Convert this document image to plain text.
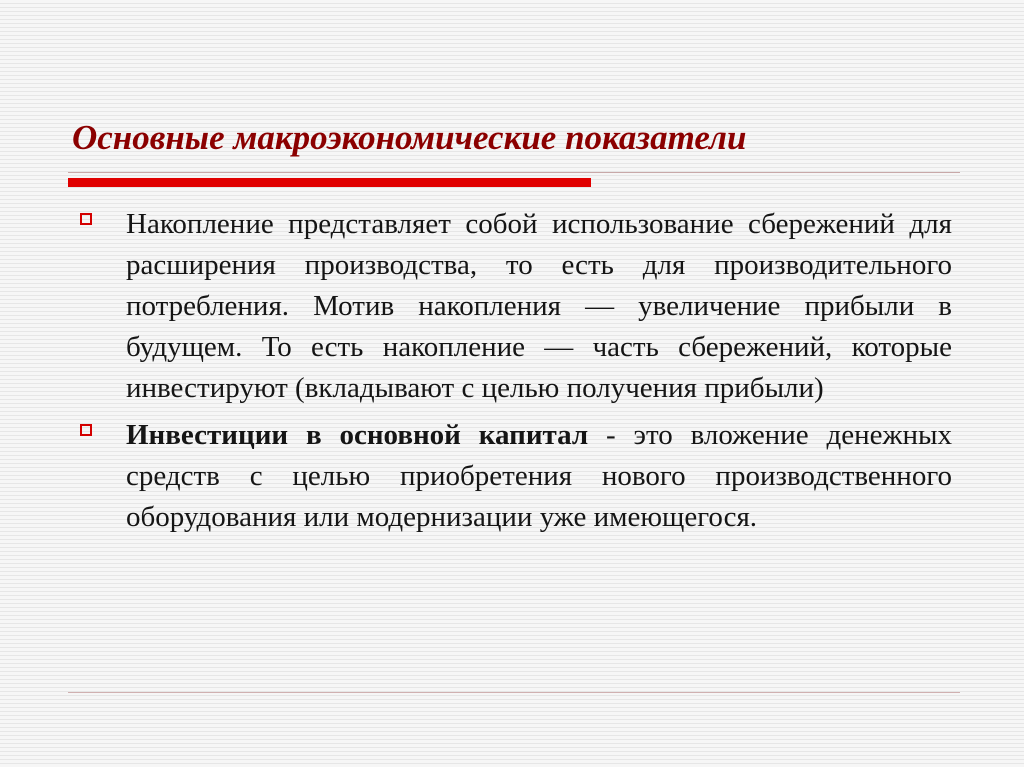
Основные макроэкономические показатели
Накопление представляет собой использование сбережений для расширения производства, то есть для производительного потребления. Мотив накопления — увеличение прибыли в будущем. То есть накопление — часть сбережений, которые инвестируют (вкладывают с целью получения прибыли)
Инвестиции в основной капитал - это вложение денежных средств с целью приобретения нового производственного оборудования или модернизации уже имеющегося.
